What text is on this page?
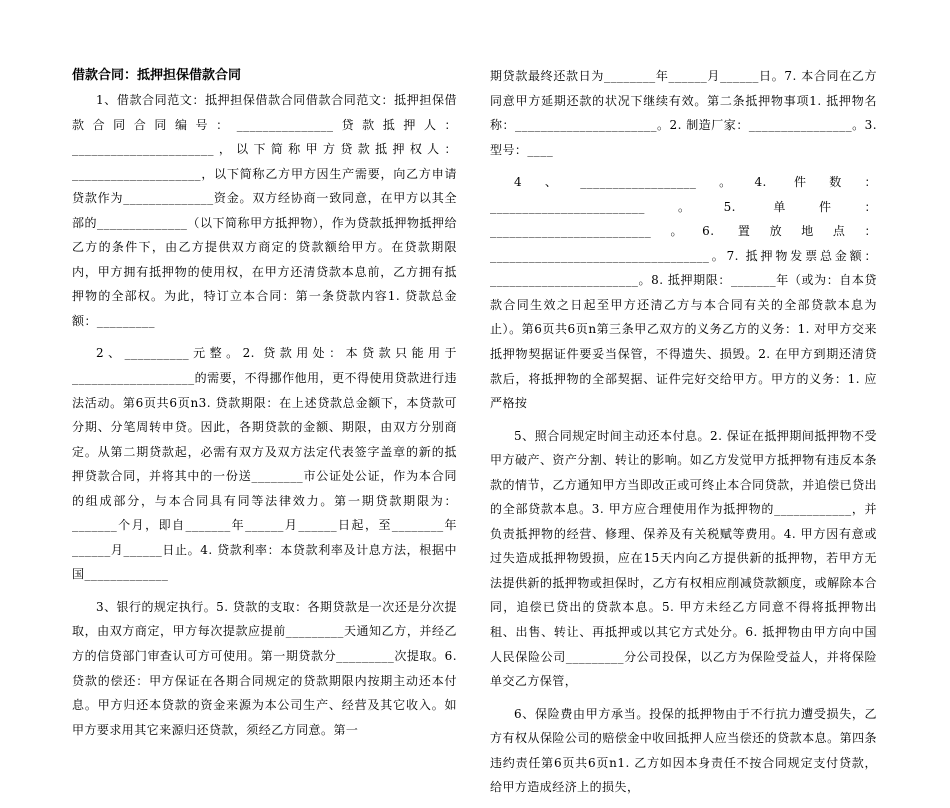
借款合同：抵押担保借款合同

1、借款合同范文：抵押担保借款合同借款合同范文：抵押担保借款合同合同编号：_______________贷款抵押人：______________________，以下简称甲方贷款抵押权人：____________________，以下简称乙方甲方因生产需要，向乙方申请贷款作为______________资金。双方经协商一致同意，在甲方以其全部的______________（以下简称甲方抵押物），作为贷款抵押物抵押给乙方的条件下，由乙方提供双方商定的贷款额给甲方。在贷款期限内，甲方拥有抵押物的使用权，在甲方还清贷款本息前，乙方拥有抵押物的全部权。为此，特订立本合同：第一条贷款内容1. 贷款总金额：_________

2、__________元整。2. 贷款用处：本贷款只能用于___________________的需要，不得挪作他用，更不得使用贷款进行违法活动。第6页共6页n3. 贷款期限：在上述贷款总金额下，本贷款可分期、分笔周转申贷。因此，各期贷款的金额、期限，由双方分别商定。从第二期贷款起，必需有双方及双方法定代表签字盖章的新的抵押贷款合同，并将其中的一份送________市公证处公证，作为本合同的组成部分，与本合同具有同等法律效力。第一期贷款期限为：_______个月，即自_______年______月______日起，至________年______月______日止。4. 贷款利率：本贷款利率及计息方法，根据中国_____________

3、银行的规定执行。5. 贷款的支取：各期贷款是一次还是分次提取，由双方商定，甲方每次提款应提前_________天通知乙方，并经乙方的信贷部门审查认可方可使用。第一期贷款分_________次提取。6. 贷款的偿还：甲方保证在各期合同规定的贷款期限内按期主动还本付息。甲方归还本贷款的资金来源为本公司生产、经营及其它收入。如甲方要求用其它来源归还贷款，须经乙方同意。第一

期贷款最终还款日为________年______月______日。7. 本合同在乙方同意甲方延期还款的状况下继续有效。第二条抵押物事项1. 抵押物名称：______________________。2. 制造厂家：________________。3. 型号：____

4、__________________。4. 件数：________________________。5. 单件：_________________________。6. 置放地点：__________________________________。7. 抵押物发票总金额：_______________________。8. 抵押期限：_______年（或为：自本贷款合同生效之日起至甲方还清乙方与本合同有关的全部贷款本息为止）。第6页共6页n第三条甲乙双方的义务乙方的义务：1. 对甲方交来抵押物契据证件要妥当保管，不得遗失、损毁。2. 在甲方到期还清贷款后，将抵押物的全部契据、证件完好交给甲方。甲方的义务：1. 应严格按

5、照合同规定时间主动还本付息。2. 保证在抵押期间抵押物不受甲方破产、资产分割、转让的影响。如乙方发觉甲方抵押物有违反本条款的情节，乙方通知甲方当即改正或可终止本合同贷款，并追偿已贷出的全部贷款本息。3. 甲方应合理使用作为抵押物的____________，并负责抵押物的经营、修理、保养及有关税赋等费用。4. 甲方因有意或过失造成抵押物毁损，应在15天内向乙方提供新的抵押物，若甲方无法提供新的抵押物或担保时，乙方有权相应削减贷款额度，或解除本合同，追偿已贷出的贷款本息。5. 甲方未经乙方同意不得将抵押物出租、出售、转让、再抵押或以其它方式处分。6. 抵押物由甲方向中国人民保险公司_________分公司投保，以乙方为保险受益人，并将保险单交乙方保管，

6、保险费由甲方承当。投保的抵押物由于不行抗力遭受损失，乙方有权从保险公司的赔偿金中收回抵押人应当偿还的贷款本息。第四条违约责任第6页共6页n1. 乙方如因本身责任不按合同规定支付贷款，给甲方造成经济上的损失，
